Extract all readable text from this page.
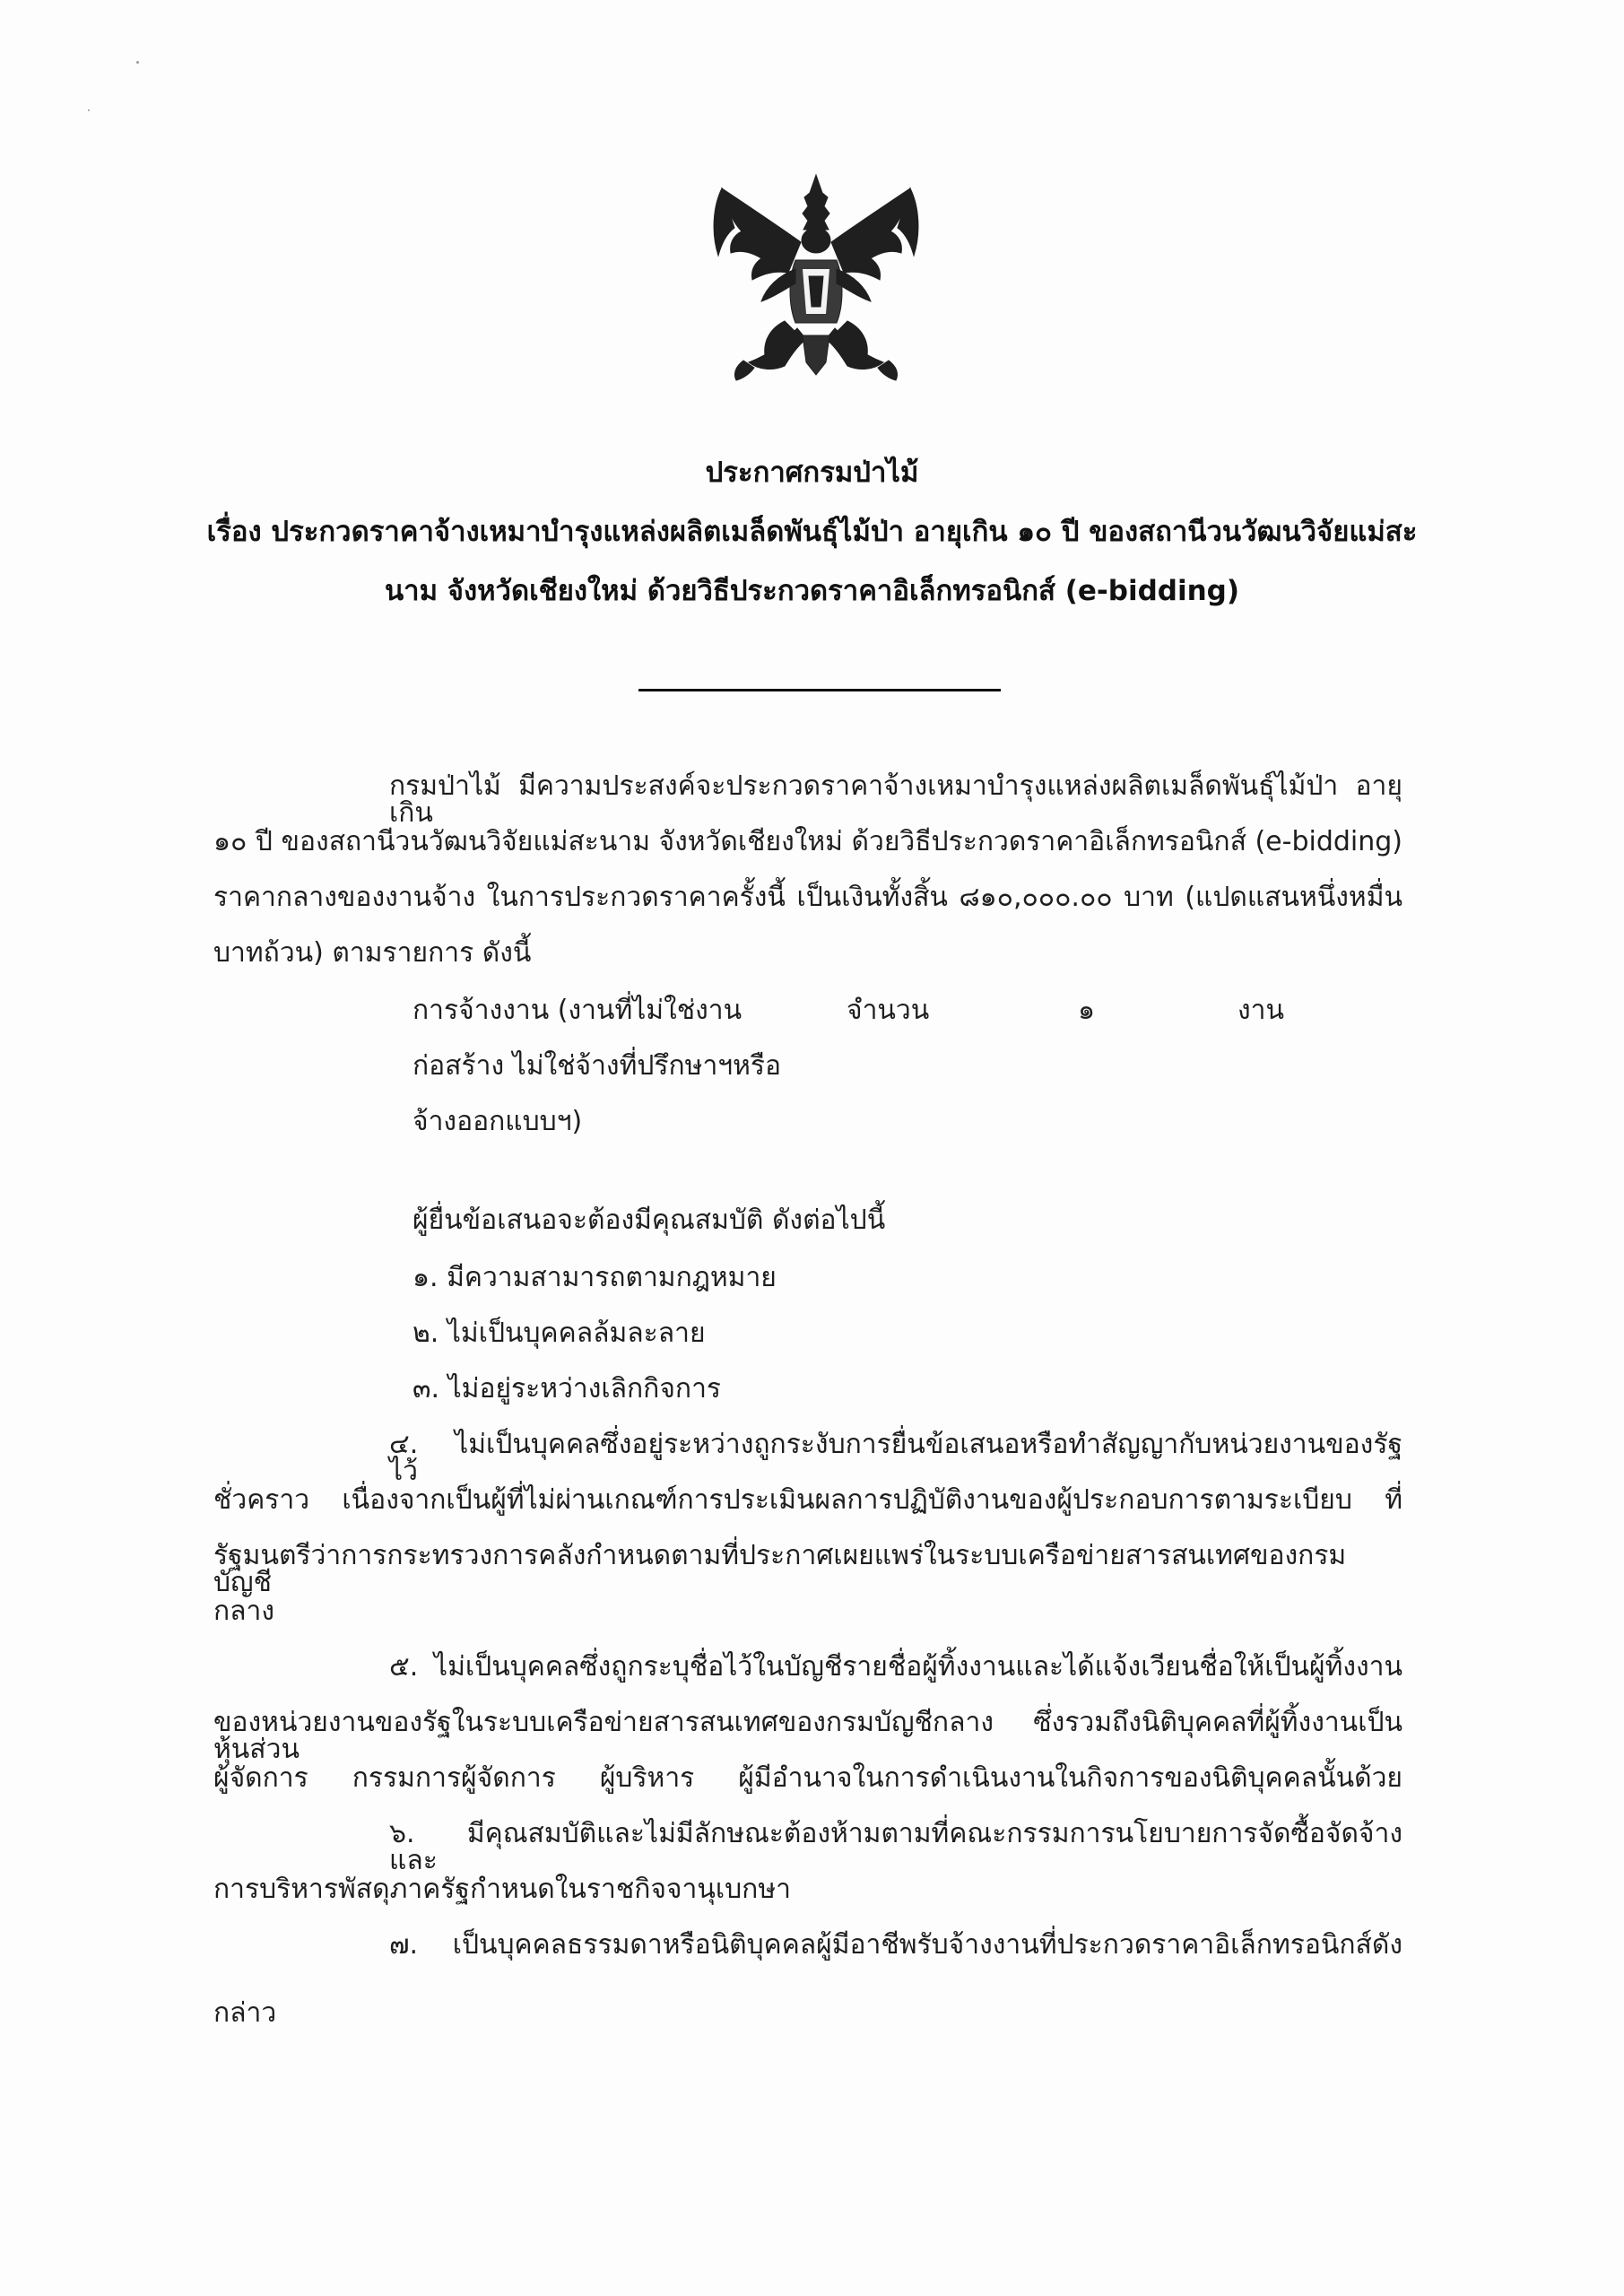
ประกาศกรมป่าไม้
เรื่อง ประกวดราคาจ้างเหมาบำรุงแหล่งผลิตเมล็ดพันธุ์ไม้ป่า อายุเกิน ๑๐ ปี ของสถานีวนวัฒนวิจัยแม่สะ
นาม จังหวัดเชียงใหม่ ด้วยวิธีประกวดราคาอิเล็กทรอนิกส์ (e-bidding)
กรมป่าไม้ มีความประสงค์จะประกวดราคาจ้างเหมาบำรุงแหล่งผลิตเมล็ดพันธุ์ไม้ป่า อายุเกิน
๑๐ ปี ของสถานีวนวัฒนวิจัยแม่สะนาม จังหวัดเชียงใหม่ ด้วยวิธีประกวดราคาอิเล็กทรอนิกส์ (e-bidding)
ราคากลางของงานจ้าง ในการประกวดราคาครั้งนี้ เป็นเงินทั้งสิ้น ๘๑๐,๐๐๐.๐๐ บาท (แปดแสนหนึ่งหมื่น
บาทถ้วน) ตามรายการ ดังนี้
การจ้างงาน (งานที่ไม่ใช่งาน
ก่อสร้าง ไม่ใช่จ้างที่ปรึกษาฯหรือ
จ้างออกแบบฯ)
จำนวน	๑	งาน
ผู้ยื่นข้อเสนอจะต้องมีคุณสมบัติ ดังต่อไปนี้
๑. มีความสามารถตามกฎหมาย
๒. ไม่เป็นบุคคลล้มละลาย
๓. ไม่อยู่ระหว่างเลิกกิจการ
๔. ไม่เป็นบุคคลซึ่งอยู่ระหว่างถูกระงับการยื่นข้อเสนอหรือทำสัญญากับหน่วยงานของรัฐไว้
ชั่วคราว เนื่องจากเป็นผู้ที่ไม่ผ่านเกณฑ์การประเมินผลการปฏิบัติงานของผู้ประกอบการตามระเบียบ ที่
รัฐมนตรีว่าการกระทรวงการคลังกำหนดตามที่ประกาศเผยแพร่ในระบบเครือข่ายสารสนเทศของกรมบัญชี
กลาง
๕. ไม่เป็นบุคคลซึ่งถูกระบุชื่อไว้ในบัญชีรายชื่อผู้ทิ้งงานและได้แจ้งเวียนชื่อให้เป็นผู้ทิ้งงาน
ของหน่วยงานของรัฐในระบบเครือข่ายสารสนเทศของกรมบัญชีกลาง ซึ่งรวมถึงนิติบุคคลที่ผู้ทิ้งงานเป็นหุ้นส่วน
ผู้จัดการ กรรมการผู้จัดการ ผู้บริหาร ผู้มีอำนาจในการดำเนินงานในกิจการของนิติบุคคลนั้นด้วย
๖. มีคุณสมบัติและไม่มีลักษณะต้องห้ามตามที่คณะกรรมการนโยบายการจัดซื้อจัดจ้างและ
การบริหารพัสดุภาครัฐกำหนดในราชกิจจานุเบกษา
๗. เป็นบุคคลธรรมดาหรือนิติบุคคลผู้มีอาชีพรับจ้างงานที่ประกวดราคาอิเล็กทรอนิกส์ดัง
กล่าว
